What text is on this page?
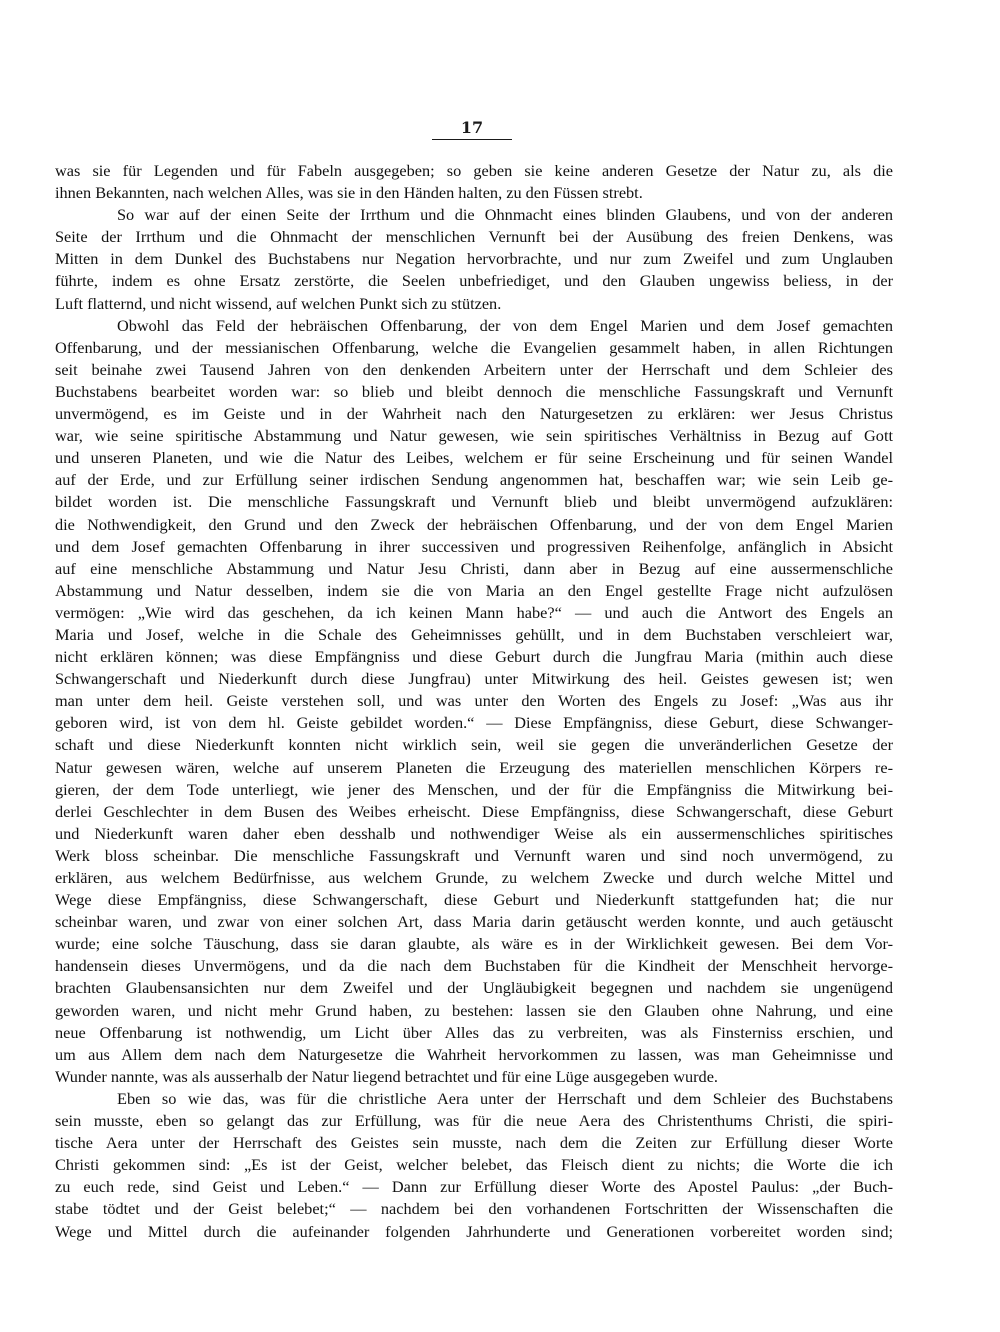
17

was sie für Legenden und für Fabeln ausgegeben; so geben sie keine anderen Gesetze der Natur zu, als die
ihnen Bekannten, nach welchen Alles, was sie in den Händen halten, zu den Füssen strebt.

So war auf der einen Seite der Irrthum und die Ohnmacht eines blinden Glaubens, und von der anderen
Seite der Irrthum und die Ohnmacht der menschlichen Vernunft bei der Ausübung des freien Denkens, was
Mitten in dem Dunkel des Buchstabens nur Negation hervorbrachte, und nur zum Zweifel und zum Unglauben
führte, indem es ohne Ersatz zerstörte, die Seelen unbefriediget, und den Glauben ungewiss beliess, in der
Luft flatternd, und nicht wissend, auf welchen Punkt sich zu stützen.

Obwohl das Feld der hebräischen Offenbarung, der von dem Engel Marien und dem Josef gemachten
Offenbarung, und der messianischen Offenbarung, welche die Evangelien gesammelt haben, in allen Richtungen
seit beinahe zwei Tausend Jahren von den denkenden Arbeitern unter der Herrschaft und dem Schleier des
Buchstabens bearbeitet worden war: so blieb und bleibt dennoch die menschliche Fassungskraft und Vernunft
unvermögend, es im Geiste und in der Wahrheit nach den Naturgesetzen zu erklären: wer Jesus Christus
war, wie seine spiritische Abstammung und Natur gewesen, wie sein spiritisches Verhältniss in Bezug auf Gott
und unseren Planeten, und wie die Natur des Leibes, welchem er für seine Erscheinung und für seinen Wandel
auf der Erde, und zur Erfüllung seiner irdischen Sendung angenommen hat, beschaffen war; wie sein Leib ge-
bildet worden ist. Die menschliche Fassungskraft und Vernunft blieb und bleibt unvermögend aufzuklären:
die Nothwendigkeit, den Grund und den Zweck der hebräischen Offenbarung, und der von dem Engel Marien
und dem Josef gemachten Offenbarung in ihrer successiven und progressiven Reihenfolge, anfänglich in Absicht
auf eine menschliche Abstammung und Natur Jesu Christi, dann aber in Bezug auf eine aussermenschliche
Abstammung und Natur desselben, indem sie die von Maria an den Engel gestellte Frage nicht aufzulösen
vermögen: „Wie wird das geschehen, da ich keinen Mann habe?“ — und auch die Antwort des Engels an
Maria und Josef, welche in die Schale des Geheimnisses gehüllt, und in dem Buchstaben verschleiert war,
nicht erklären können; was diese Empfängniss und diese Geburt durch die Jungfrau Maria (mithin auch diese
Schwangerschaft und Niederkunft durch diese Jungfrau) unter Mitwirkung des heil. Geistes gewesen ist; wen
man unter dem heil. Geiste verstehen soll, und was unter den Worten des Engels zu Josef: „Was aus ihr
geboren wird, ist von dem hl. Geiste gebildet worden.“ — Diese Empfängniss, diese Geburt, diese Schwanger-
schaft und diese Niederkunft konnten nicht wirklich sein, weil sie gegen die unveränderlichen Gesetze der
Natur gewesen wären, welche auf unserem Planeten die Erzeugung des materiellen menschlichen Körpers re-
gieren, der dem Tode unterliegt, wie jener des Menschen, und der für die Empfängniss die Mitwirkung bei-
derlei Geschlechter in dem Busen des Weibes erheischt. Diese Empfängniss, diese Schwangerschaft, diese Geburt
und Niederkunft waren daher eben desshalb und nothwendiger Weise als ein aussermenschliches spiritisches
Werk bloss scheinbar. Die menschliche Fassungskraft und Vernunft waren und sind noch unvermögend, zu
erklären, aus welchem Bedürfnisse, aus welchem Grunde, zu welchem Zwecke und durch welche Mittel und
Wege diese Empfängniss, diese Schwangerschaft, diese Geburt und Niederkunft stattgefunden hat; die nur
scheinbar waren, und zwar von einer solchen Art, dass Maria darin getäuscht werden konnte, und auch getäuscht
wurde; eine solche Täuschung, dass sie daran glaubte, als wäre es in der Wirklichkeit gewesen. Bei dem Vor-
handensein dieses Unvermögens, und da die nach dem Buchstaben für die Kindheit der Menschheit hervorge-
brachten Glaubensansichten nur dem Zweifel und der Ungläubigkeit begegnen und nachdem sie ungenügend
geworden waren, und nicht mehr Grund haben, zu bestehen: lassen sie den Glauben ohne Nahrung, und eine
neue Offenbarung ist nothwendig, um Licht über Alles das zu verbreiten, was als Finsterniss erschien, und
um aus Allem dem nach dem Naturgesetze die Wahrheit hervorkommen zu lassen, was man Geheimnisse und
Wunder nannte, was als ausserhalb der Natur liegend betrachtet und für eine Lüge ausgegeben wurde.

Eben so wie das, was für die christliche Aera unter der Herrschaft und dem Schleier des Buchstabens
sein musste, eben so gelangt das zur Erfüllung, was für die neue Aera des Christenthums Christi, die spiri-
tische Aera unter der Herrschaft des Geistes sein musste, nach dem die Zeiten zur Erfüllung dieser Worte
Christi gekommen sind: „Es ist der Geist, welcher belebet, das Fleisch dient zu nichts; die Worte die ich
zu euch rede, sind Geist und Leben.“ — Dann zur Erfüllung dieser Worte des Apostel Paulus: „der Buch-
stabe tödtet und der Geist belebet;“ — nachdem bei den vorhandenen Fortschritten der Wissenschaften die
Wege und Mittel durch die aufeinander folgenden Jahrhunderte und Generationen vorbereitet worden sind;
